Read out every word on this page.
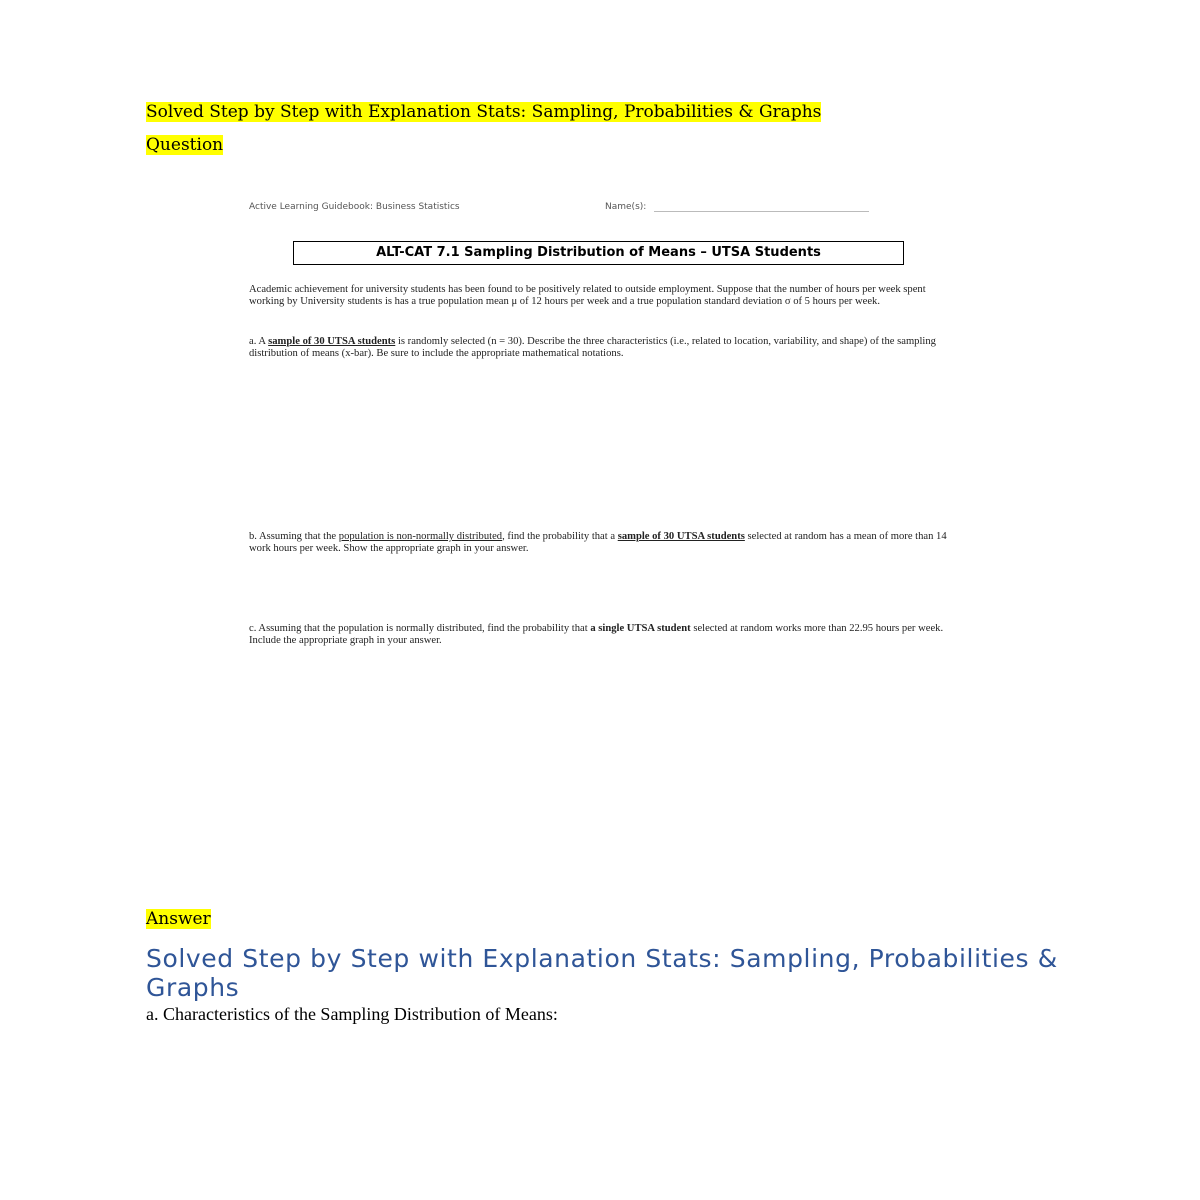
Solved Step by Step with Explanation Stats: Sampling, Probabilities & Graphs
Question
Active Learning Guidebook: Business Statistics	Name(s):
ALT-CAT 7.1 Sampling Distribution of Means – UTSA Students
Academic achievement for university students has been found to be positively related to outside employment. Suppose that the number of hours per week spent working by University students is has a true population mean μ of 12 hours per week and a true population standard deviation σ of 5 hours per week.
a. A sample of 30 UTSA students is randomly selected (n = 30). Describe the three characteristics (i.e., related to location, variability, and shape) of the sampling distribution of means (x-bar). Be sure to include the appropriate mathematical notations.
b. Assuming that the population is non-normally distributed, find the probability that a sample of 30 UTSA students selected at random has a mean of more than 14 work hours per week. Show the appropriate graph in your answer.
c. Assuming that the population is normally distributed, find the probability that a single UTSA student selected at random works more than 22.95 hours per week. Include the appropriate graph in your answer.
Answer
Solved Step by Step with Explanation Stats: Sampling, Probabilities & Graphs
a. Characteristics of the Sampling Distribution of Means:
